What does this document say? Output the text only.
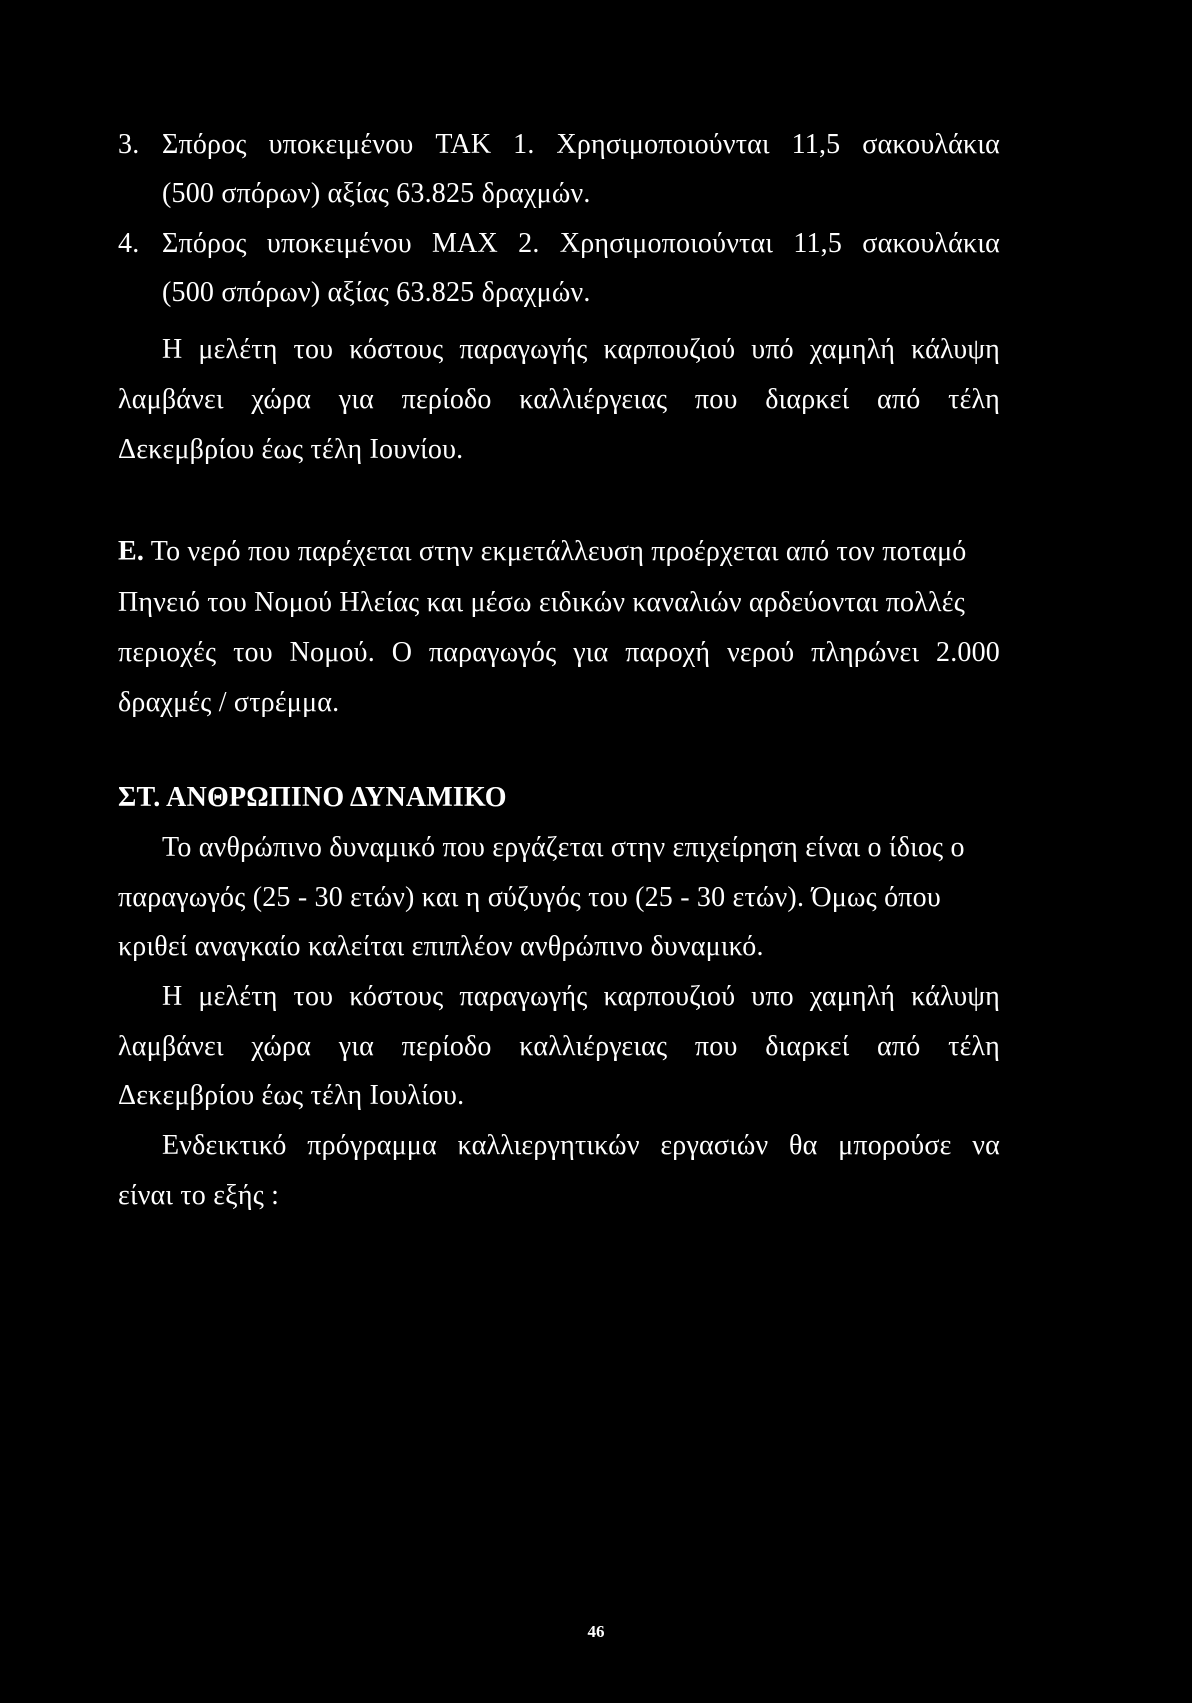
3. Σπόρος υποκειμένου ΤΑΚ 1. Χρησιμοποιούνται 11,5 σακουλάκια
(500 σπόρων) αξίας 63.825 δραχμών.
4. Σπόρος υποκειμένου ΜΑΧ 2. Χρησιμοποιούνται 11,5 σακουλάκια
(500 σπόρων) αξίας 63.825 δραχμών.
Η μελέτη του κόστους παραγωγής καρπουζιού υπό χαμηλή κάλυψη
λαμβάνει χώρα για περίοδο καλλιέργειας που διαρκεί από τέλη
Δεκεμβρίου έως τέλη Ιουνίου.
Ε. Το νερό που παρέχεται στην εκμετάλλευση προέρχεται από τον ποταμό
Πηνειό του Νομού Ηλείας και μέσω ειδικών καναλιών αρδεύονται πολλές
περιοχές του Νομού. Ο παραγωγός για παροχή νερού πληρώνει 2.000
δραχμές / στρέμμα.
ΣΤ. ΑΝΘΡΩΠΙΝΟ ΔΥΝΑΜΙΚΟ
Το ανθρώπινο δυναμικό που εργάζεται στην επιχείρηση είναι ο ίδιος ο
παραγωγός (25 - 30 ετών) και η σύζυγός του (25 - 30 ετών). Όμως όπου
κριθεί αναγκαίο καλείται επιπλέον ανθρώπινο δυναμικό.
Η μελέτη του κόστους παραγωγής καρπουζιού υπο χαμηλή κάλυψη
λαμβάνει χώρα για περίοδο καλλιέργειας που διαρκεί από τέλη
Δεκεμβρίου έως τέλη Ιουλίου.
Ενδεικτικό πρόγραμμα καλλιεργητικών εργασιών θα μπορούσε να
είναι το εξής :
46
